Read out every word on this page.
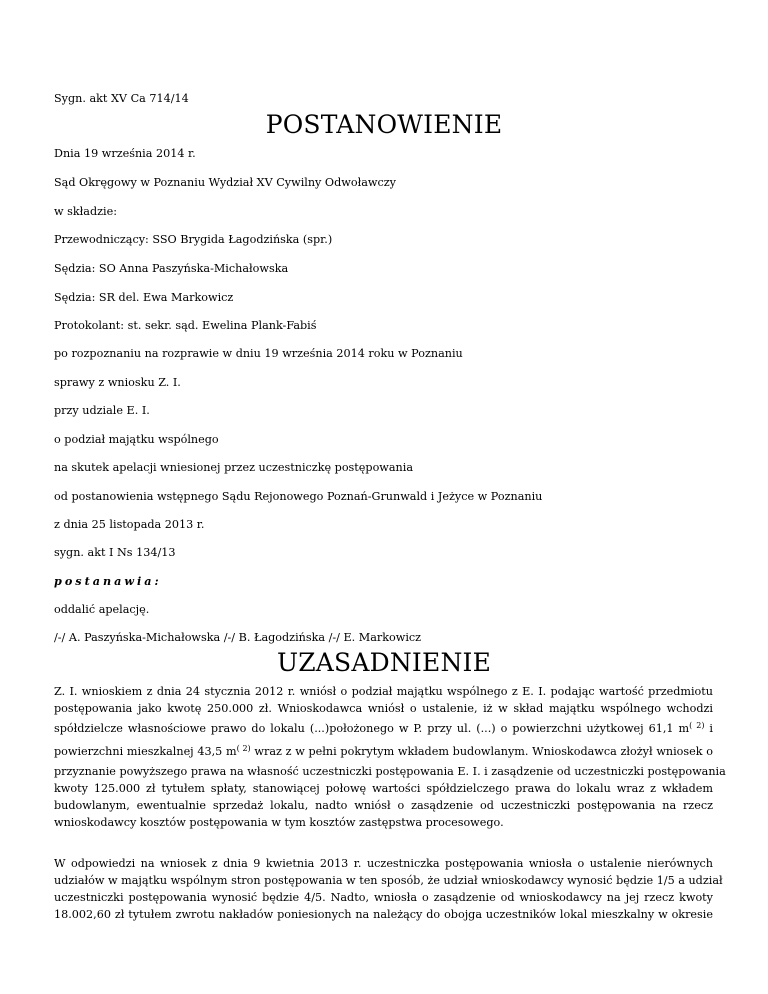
Sygn. akt XV Ca 714/14
POSTANOWIENIE
Dnia 19 września 2014 r.
Sąd Okręgowy w Poznaniu Wydział XV Cywilny Odwoławczy
w składzie:
Przewodniczący: SSO Brygida Łagodzińska (spr.)
Sędzia: SO Anna Paszyńska-Michałowska
Sędzia: SR del. Ewa Markowicz
Protokolant: st. sekr. sąd. Ewelina Plank-Fabiś
po rozpoznaniu na rozprawie w dniu 19 września 2014 roku w Poznaniu
sprawy z wniosku Z. I.
przy udziale E. I.
o podział majątku wspólnego
na skutek apelacji wniesionej przez uczestniczkę postępowania
od postanowienia wstępnego Sądu Rejonowego Poznań-Grunwald i Jeżyce w Poznaniu
z dnia 25 listopada 2013 r.
sygn. akt I Ns 134/13
postanawia:
oddalić apelację.
/-/ A. Paszyńska-Michałowska /-/ B. Łagodzińska /-/ E. Markowicz
UZASADNIENIE
Z. I. wnioskiem z dnia 24 stycznia 2012 r. wniósł o podział majątku wspólnego z E. I. podając wartość przedmiotu
postępowania jako kwotę 250.000 zł. Wnioskodawca wniósł o ustalenie, iż w skład majątku wspólnego wchodzi
spółdzielcze własnościowe prawo do lokalu (...)położonego w P. przy ul. (...) o powierzchni użytkowej 61,1 $m^{( 2)}$ i
powierzchni mieszkalnej 43,5 $m^{( 2)}$ wraz z w pełni pokrytym wkładem budowlanym. Wnioskodawca złożył wniosek o
przyznanie powyższego prawa na własność uczestniczki postępowania E. I. i zasądzenie od uczestniczki postępowania
kwoty 125.000 zł tytułem spłaty, stanowiącej połowę wartości spółdzielczego prawa do lokalu wraz z wkładem
budowlanym, ewentualnie sprzedaż lokalu, nadto wniósł o zasądzenie od uczestniczki postępowania na rzecz
wnioskodawcy kosztów postępowania w tym kosztów zastępstwa procesowego.
W odpowiedzi na wniosek z dnia 9 kwietnia 2013 r. uczestniczka postępowania wniosła o ustalenie nierównych
udziałów w majątku wspólnym stron postępowania w ten sposób, że udział wnioskodawcy wynosić będzie 1/5 a udział
uczestniczki postępowania wynosić będzie 4/5. Nadto, wniosła o zasądzenie od wnioskodawcy na jej rzecz kwoty
18.002,60 zł tytułem zwrotu nakładów poniesionych na należący do obojga uczestników lokal mieszkalny w okresie
